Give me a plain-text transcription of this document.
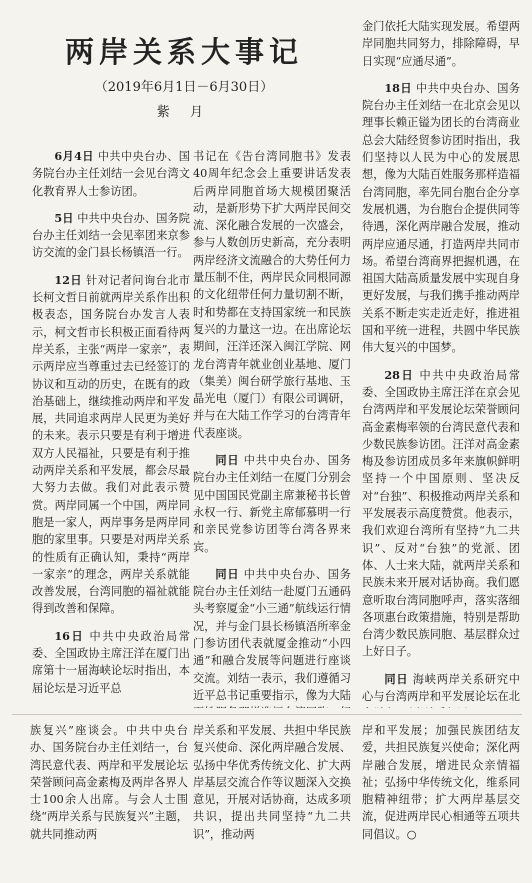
两岸关系大事记
（2019年6月1日－6月30日）
紫 月

6月4日 中共中央台办、国务院台办主任刘结一会见台湾文化教育界人士参访团。

5日 中共中央台办、国务院台办主任刘结一会见率团来京参访交流的金门县长杨镇浯一行。

12日 针对记者问询台北市长柯文哲日前就两岸关系作出积极表态，国务院台办发言人表示，柯文哲市长积极正面看待两岸关系，主张“两岸一家亲”，表示两岸应当尊重过去已经签订的协议和互动的历史，在既有的政治基础上，继续推动两岸和平发展，共同追求两岸人民更为美好的未来。表示只要是有利于增进双方人民福祉，只要是有利于推动两岸关系和平发展，都会尽最大努力去做。我们对此表示赞赏。两岸同属一个中国，两岸同胞是一家人，两岸事务是两岸同胞的家里事。只要是对两岸关系的性质有正确认知，秉持“两岸一家亲”的理念，两岸关系就能改善发展，台湾同胞的福祉就能得到改善和保障。

16日 中共中央政治局常委、全国政协主席汪洋在厦门出席第十一届海峡论坛时指出，本届论坛是习近平总

书记在《告台湾同胞书》发表40周年纪念会上重要讲话发表后两岸同胞首场大规模团聚活动，是新形势下扩大两岸民间交流、深化融合发展的一次盛会，参与人数创历史新高，充分表明两岸经济文流融合的大势任何力量压制不住，两岸民众同根同源的文化纽带任何力量切割不断，时和势都在支持国家统一和民族复兴的力量这一边。在出席论坛期间，汪洋还深入闽江学院、网龙台湾青年就业创业基地、厦门（集美）闽台研学旅行基地、玉晶光电（厦门）有限公司调研，并与在大陆工作学习的台湾青年代表座谈。

同日 中共中央台办、国务院台办主任刘结一在厦门分别会见中国国民党副主席兼秘书长曾永权一行、新党主席郁慕明一行和亲民党参访团等台湾各界来宾。

同日 中共中央台办、国务院台办主任刘结一赴厦门五通码头考察厦金“小三通”航线运行情况，并与金门县长杨镇浯所率金门参访团代表就厦金推动“小四通”和融合发展等问题进行座谈交流。刘结一表示，我们遵循习近平总书记重要指示，像为大陆

金门依托大陆实现发展。希望两岸同胞共同努力，排除障碍，早日实现“应通尽通”。

18日 中共中央台办、国务院台办主任刘结一在北京会见以理事长赖正镒为团长的台湾商业总会大陆经贸参访团时指出，我们坚持以人民为中心的发展思想，像为大陆百姓服务那样造福台湾同胞，率先同台胞台企分享发展机遇，为台胞台企提供同等待遇，深化两岸融合发展，推动两岸应通尽通，打造两岸共同市场。希望台湾商界把握机遇，在祖国大陆高质量发展中实现自身更好发展，与我们携手推动两岸关系不断走实走近走好，推进祖国和平统一进程，共圆中华民族伟大复兴的中国梦。

28日 中共中央政治局常委、全国政协主席汪洋在京会见台湾两岸和平发展论坛荣誉顾问高金素梅率领的台湾民意代表和少数民族参访团。汪洋对高金素梅及参访团成员多年来旗帜鲜明坚持一个中国原则、坚决反对“台独”、积极推动两岸关系和平发展表示高度赞赏。他表示，我们欢迎台湾所有坚持“九二共识”、反对“台独”的党派、团体、人士来大陆，就两岸关系和民族未来开展对话协商。我们愿意听取台湾同胞呼声，落实落细各项惠台政策措施，特别是帮助台湾少数民族同胞、基层群众过上好日子。

同日 海峡两岸关系研究中心与台湾两岸和平发展论坛在北

族复兴”座谈会。中共中央台办、国务院台办主任刘结一，台湾民意代表、两岸和平发展论坛荣誉顾问高金素梅及两岸各界人士100余人出席。与会人士围绕“两岸关系与民族复兴”主题，就共同推动两

岸关系和平发展、共担中华民族复兴使命、深化两岸融合发展、弘扬中华优秀传统文化、扩大两岸基层交流合作等议题深入交换意见，开展对话协商，达成多项共识，提出共同坚持“九二共识”，推动两

岸和平发展；加强民族团结友爱，共担民族复兴使命；深化两岸融合发展，增进民众亲情福祉；弘扬中华传统文化，维系同胞精神纽带；扩大两岸基层交流，促进两岸民心相通等五项共同倡议。○
